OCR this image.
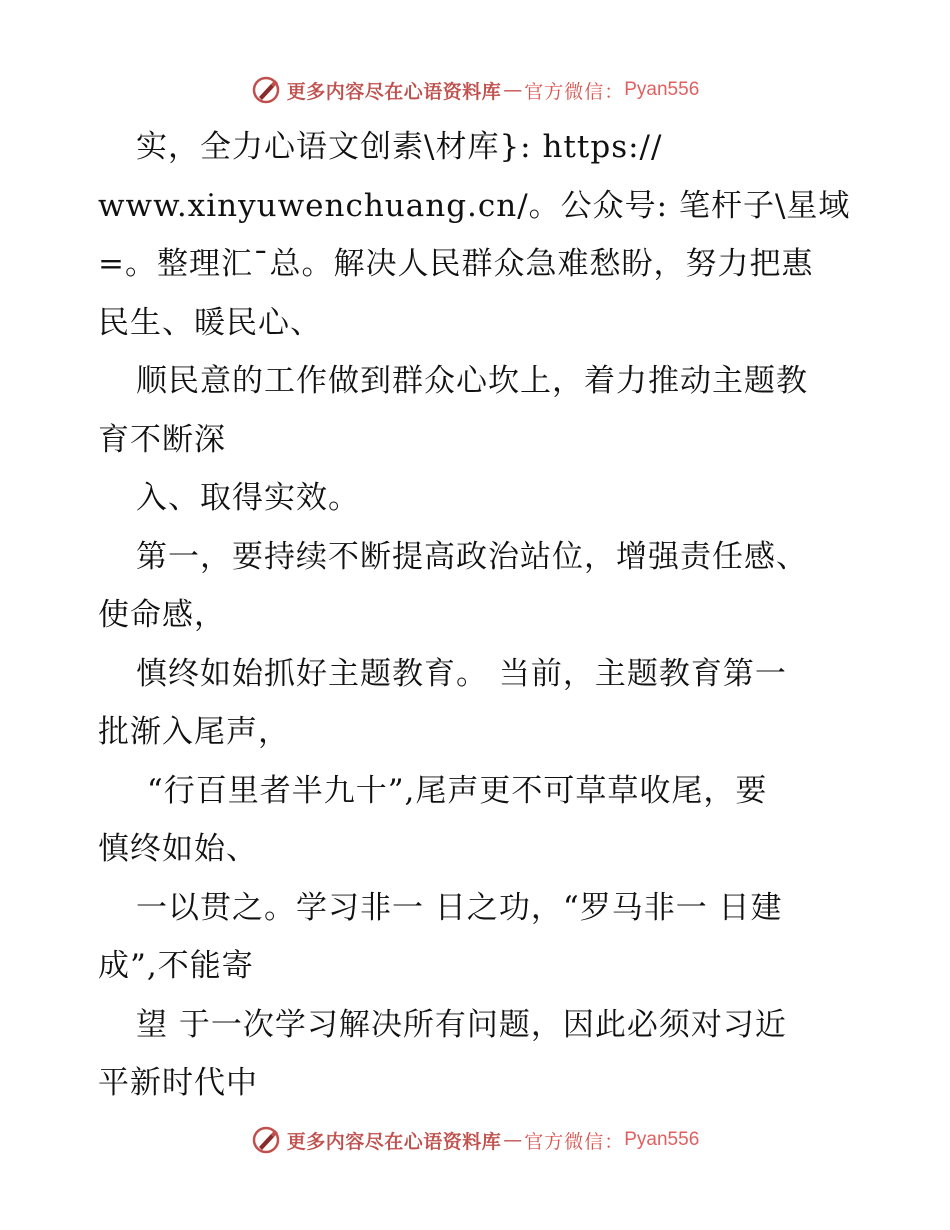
更多内容尽在心语资料库 — 官方微信： Pyan556
实，全力心语文创素\材库}: https://
www.xinyuwenchuang.cn/。公众号: 笔杆子\星域
=。整理汇¯总。解决人民群众急难愁盼，努力把惠
民生、暖民心、
顺民意的工作做到群众心坎上，着力推动主题教
育不断深
入、取得实效。
第一，要持续不断提高政治站位，增强责任感、
使命感，
慎终如始抓好主题教育。 当前，主题教育第一
批渐入尾声，
“行百里者半九十”,尾声更不可草草收尾，要
慎终如始、
一以贯之。学习非一 日之功，“罗马非一 日建
成”,不能寄
望 于一次学习解决所有问题，因此必须对习近
平新时代中
更多内容尽在心语资料库 — 官方微信： Pyan556
